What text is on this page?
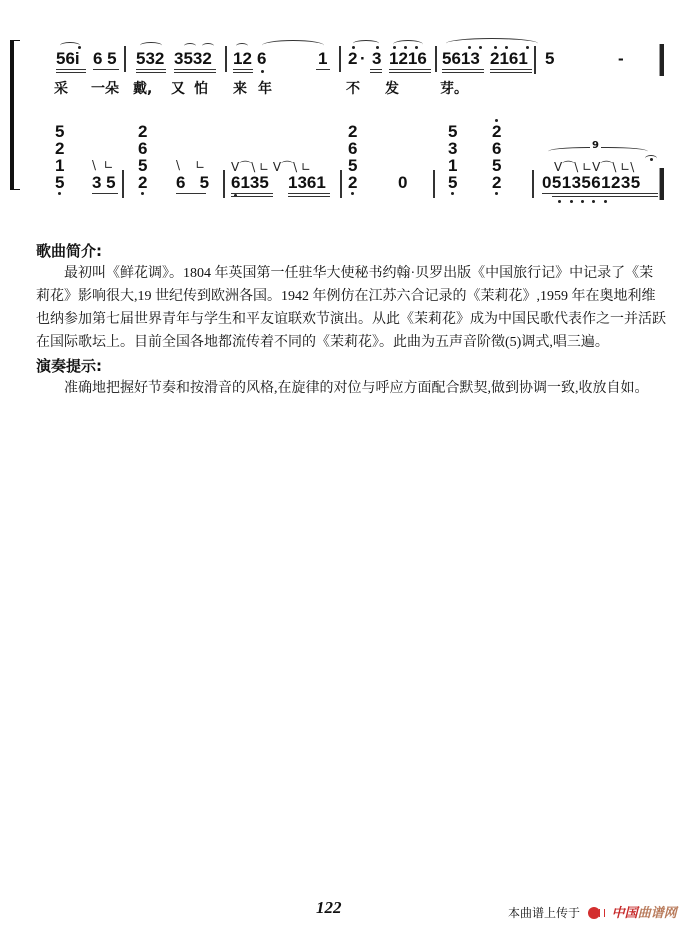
56i 6 5 532 3532 12 6	1 2 · 3 1216 5613 2161 5	-
采 一朵 戴, 又 怕 来 年	不 发	芽。
5
2
1
5
\  ∟
3 5
2
6
5
2
\    ∟
6   5
V⌒\ ∟ V⌒\ ∟
6135 1361
2
6
5
2 0
5
3
1
5
2
6
5
2
9
V⌒\ ∟V⌒\ ∟\
0513561235
歌曲简介:
最初叫《鲜花调》。1804 年英国第一任驻华大使秘书约翰·贝罗出版《中国旅行记》中记录了《茉莉花》影响很大,19 世纪传到欧洲各国。1942 年例仿在江苏六合记录的《茉莉花》,1959 年在奥地利维也纳参加第七届世界青年与学生和平友谊联欢节演出。从此《茉莉花》成为中国民歌代表作之一并活跃在国际歌坛上。目前全国各地都流传着不同的《茉莉花》。此曲为五声音阶徵(5)调式,唱三遍。
演奏提示:
准确地把握好节奏和按滑音的风格,在旋律的对位与呼应方面配合默契,做到协调一致,收放自如。
122	本曲谱上传于 中国曲谱网
